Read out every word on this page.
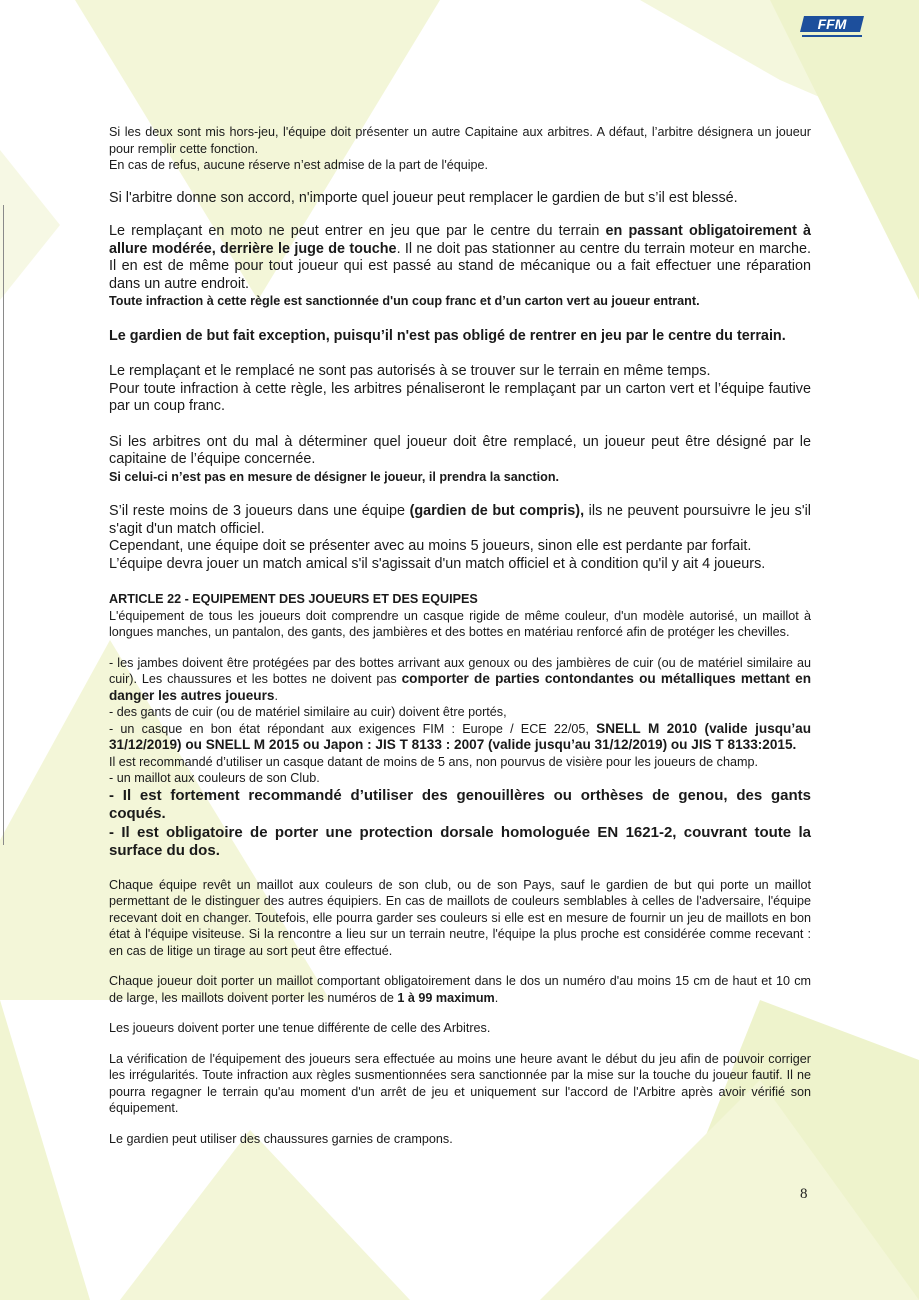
FFM

Si les deux sont mis hors-jeu, l'équipe doit présenter un autre Capitaine aux arbitres. A défaut, l’arbitre désignera un joueur pour remplir cette fonction.

En cas de refus, aucune réserve n’est admise de la part de l'équipe.

Si l'arbitre donne son accord, n'importe quel joueur peut remplacer le gardien de but s’il est blessé.

Le remplaçant en moto ne peut entrer en jeu que par le centre du terrain en passant obligatoirement à allure modérée, derrière le juge de touche. Il ne doit pas stationner au centre du terrain moteur en marche. Il en est de même pour tout joueur qui est passé au stand de mécanique ou a fait effectuer une réparation dans un autre endroit.

Toute infraction à cette règle est sanctionnée d'un coup franc et d’un carton vert au joueur entrant.

Le gardien de but fait exception, puisqu’il n'est pas obligé de rentrer en jeu par le centre du terrain.

Le remplaçant et le remplacé ne sont pas autorisés à se trouver sur le terrain en même temps.

Pour toute infraction à cette règle, les arbitres pénaliseront le remplaçant par un carton vert et l’équipe fautive par un coup franc.

Si les arbitres ont du mal à déterminer quel joueur doit être remplacé, un joueur peut être désigné par le capitaine de l’équipe concernée.

Si celui-ci n’est pas en mesure de désigner le joueur, il prendra la sanction.

S’il reste moins de 3 joueurs dans une équipe (gardien de but compris), ils ne peuvent poursuivre le jeu s'il s'agit d'un match officiel.

Cependant, une équipe doit se présenter avec au moins 5 joueurs, sinon elle est perdante par forfait.

L’équipe devra jouer un match amical s'il s'agissait d'un match officiel et à condition qu'il y ait 4 joueurs.

ARTICLE 22 - EQUIPEMENT DES JOUEURS ET DES EQUIPES

L'équipement de tous les joueurs doit comprendre un casque rigide de même couleur, d'un modèle autorisé, un maillot à longues manches, un pantalon, des gants, des jambières et des bottes en matériau renforcé afin de protéger les chevilles.

- les jambes doivent être protégées par des bottes arrivant aux genoux ou des jambières de cuir (ou de matériel similaire au cuir). Les chaussures et les bottes ne doivent pas comporter de parties contondantes ou métalliques mettant en danger les autres joueurs.

- des gants de cuir (ou de matériel similaire au cuir) doivent être portés,

- un casque en bon état répondant aux exigences FIM : Europe / ECE 22/05, SNELL M 2010 (valide jusqu’au 31/12/2019) ou SNELL M 2015 ou Japon : JIS T 8133 : 2007 (valide jusqu’au 31/12/2019) ou JIS T 8133:2015.

Il est recommandé d’utiliser un casque datant de moins de 5 ans, non pourvus de visière pour les joueurs de champ.

- un maillot aux couleurs de son Club.

- Il est fortement recommandé d’utiliser des genouillères ou orthèses de genou, des gants coqués.

- Il est obligatoire de porter une protection dorsale homologuée EN 1621-2, couvrant toute la surface du dos.

Chaque équipe revêt un maillot aux couleurs de son club, ou de son Pays, sauf le gardien de but qui porte un maillot permettant de le distinguer des autres équipiers. En cas de maillots de couleurs semblables à celles de l'adversaire, l'équipe recevant doit en changer. Toutefois, elle pourra garder ses couleurs si elle est en mesure de fournir un jeu de maillots en bon état à l'équipe visiteuse. Si la rencontre a lieu sur un terrain neutre, l'équipe la plus proche est considérée comme recevant : en cas de litige un tirage au sort peut être effectué.

Chaque joueur doit porter un maillot comportant obligatoirement dans le dos un numéro d'au moins 15 cm de haut et 10 cm de large, les maillots doivent porter les numéros de 1 à 99 maximum.

Les joueurs doivent porter une tenue différente de celle des Arbitres.

La vérification de l'équipement des joueurs sera effectuée au moins une heure avant le début du jeu afin de pouvoir corriger les irrégularités. Toute infraction aux règles susmentionnées sera sanctionnée par la mise sur la touche du joueur fautif. Il ne pourra regagner le terrain qu'au moment d'un arrêt de jeu et uniquement sur l'accord de l'Arbitre après avoir vérifié son équipement.

Le gardien peut utiliser des chaussures garnies de crampons.

8
